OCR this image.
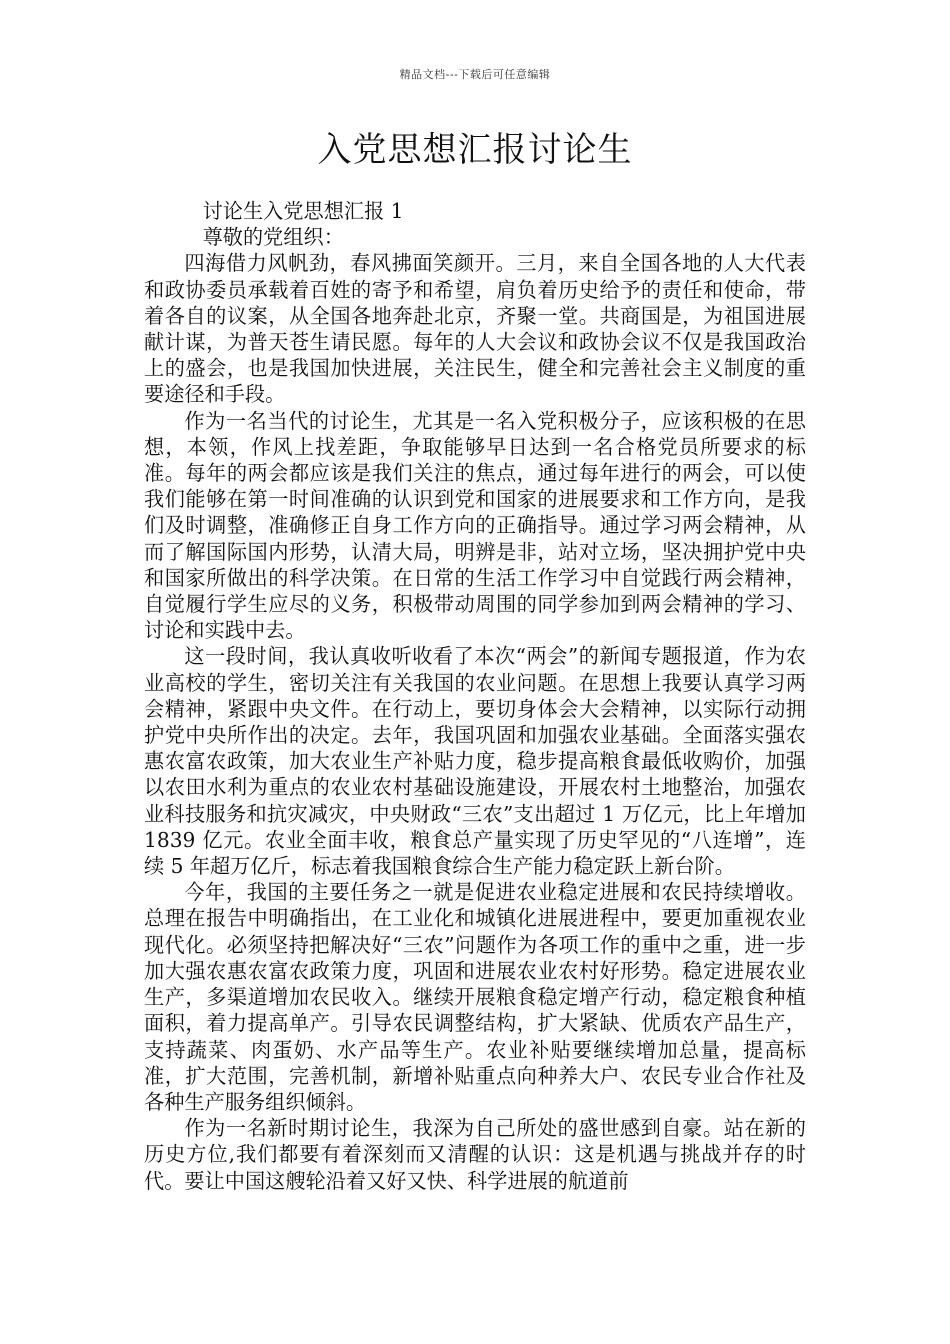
精品文档---下载后可任意编辑
入党思想汇报讨论生

讨论生入党思想汇报 1

尊敬的党组织：

四海借力风帆劲，春风拂面笑颜开。三月，来自全国各地的人大代表和政协委员承载着百姓的寄予和希望，肩负着历史给予的责任和使命，带着各自的议案，从全国各地奔赴北京，齐聚一堂。共商国是，为祖国进展献计谋，为普天苍生请民愿。每年的人大会议和政协会议不仅是我国政治上的盛会，也是我国加快进展，关注民生，健全和完善社会主义制度的重要途径和手段。

作为一名当代的讨论生，尤其是一名入党积极分子，应该积极的在思想，本领，作风上找差距，争取能够早日达到一名合格党员所要求的标准。每年的两会都应该是我们关注的焦点，通过每年进行的两会，可以使我们能够在第一时间准确的认识到党和国家的进展要求和工作方向，是我们及时调整，准确修正自身工作方向的正确指导。通过学习两会精神，从而了解国际国内形势，认清大局，明辨是非，站对立场，坚决拥护党中央和国家所做出的科学决策。在日常的生活工作学习中自觉践行两会精神，自觉履行学生应尽的义务，积极带动周围的同学参加到两会精神的学习、讨论和实践中去。

这一段时间，我认真收听收看了本次“两会”的新闻专题报道，作为农业高校的学生，密切关注有关我国的农业问题。在思想上我要认真学习两会精神，紧跟中央文件。在行动上，要切身体会大会精神，以实际行动拥护党中央所作出的决定。去年，我国巩固和加强农业基础。全面落实强农惠农富农政策，加大农业生产补贴力度，稳步提高粮食最低收购价，加强以农田水利为重点的农业农村基础设施建设，开展农村土地整治，加强农业科技服务和抗灾减灾，中央财政“三农”支出超过 1 万亿元，比上年增加 1839 亿元。农业全面丰收，粮食总产量实现了历史罕见的“八连增”，连续 5 年超万亿斤，标志着我国粮食综合生产能力稳定跃上新台阶。

今年，我国的主要任务之一就是促进农业稳定进展和农民持续增收。总理在报告中明确指出，在工业化和城镇化进展进程中，要更加重视农业现代化。必须坚持把解决好“三农”问题作为各项工作的重中之重，进一步加大强农惠农富农政策力度，巩固和进展农业农村好形势。稳定进展农业生产，多渠道增加农民收入。继续开展粮食稳定增产行动，稳定粮食种植面积，着力提高单产。引导农民调整结构，扩大紧缺、优质农产品生产，支持蔬菜、肉蛋奶、水产品等生产。农业补贴要继续增加总量，提高标准，扩大范围，完善机制，新增补贴重点向种养大户、农民专业合作社及各种生产服务组织倾斜。

作为一名新时期讨论生，我深为自己所处的盛世感到自豪。站在新的历史方位,我们都要有着深刻而又清醒的认识：这是机遇与挑战并存的时代。要让中国这艘轮沿着又好又快、科学进展的航道前
